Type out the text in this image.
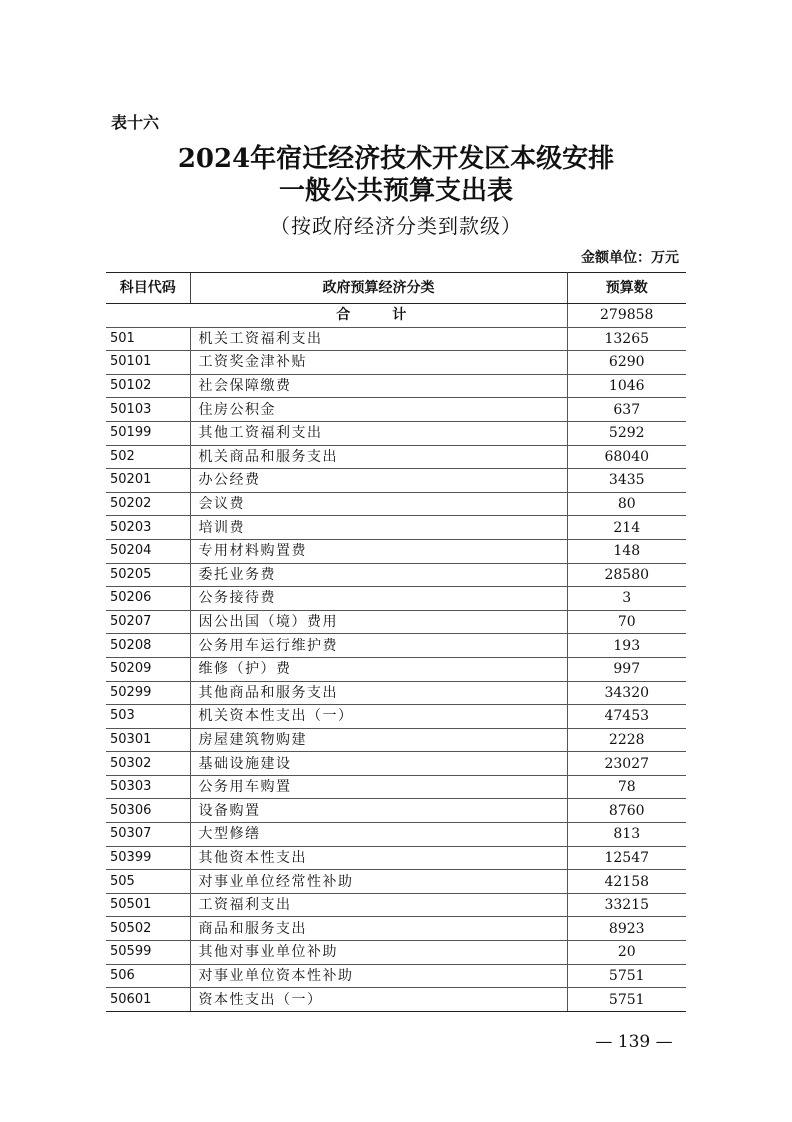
表十六
2024年宿迁经济技术开发区本级安排
一般公共预算支出表
（按政府经济分类到款级）
金额单位：万元
科目代码	政府预算经济分类	预算数
	合　计	279858
501	机关工资福利支出	13265
50101	工资奖金津补贴	6290
50102	社会保障缴费	1046
50103	住房公积金	637
50199	其他工资福利支出	5292
502	机关商品和服务支出	68040
50201	办公经费	3435
50202	会议费	80
50203	培训费	214
50204	专用材料购置费	148
50205	委托业务费	28580
50206	公务接待费	3
50207	因公出国（境）费用	70
50208	公务用车运行维护费	193
50209	维修（护）费	997
50299	其他商品和服务支出	34320
503	机关资本性支出（一）	47453
50301	房屋建筑物购建	2228
50302	基础设施建设	23027
50303	公务用车购置	78
50306	设备购置	8760
50307	大型修缮	813
50399	其他资本性支出	12547
505	对事业单位经常性补助	42158
50501	工资福利支出	33215
50502	商品和服务支出	8923
50599	其他对事业单位补助	20
506	对事业单位资本性补助	5751
50601	资本性支出（一）	5751
— 139 —
